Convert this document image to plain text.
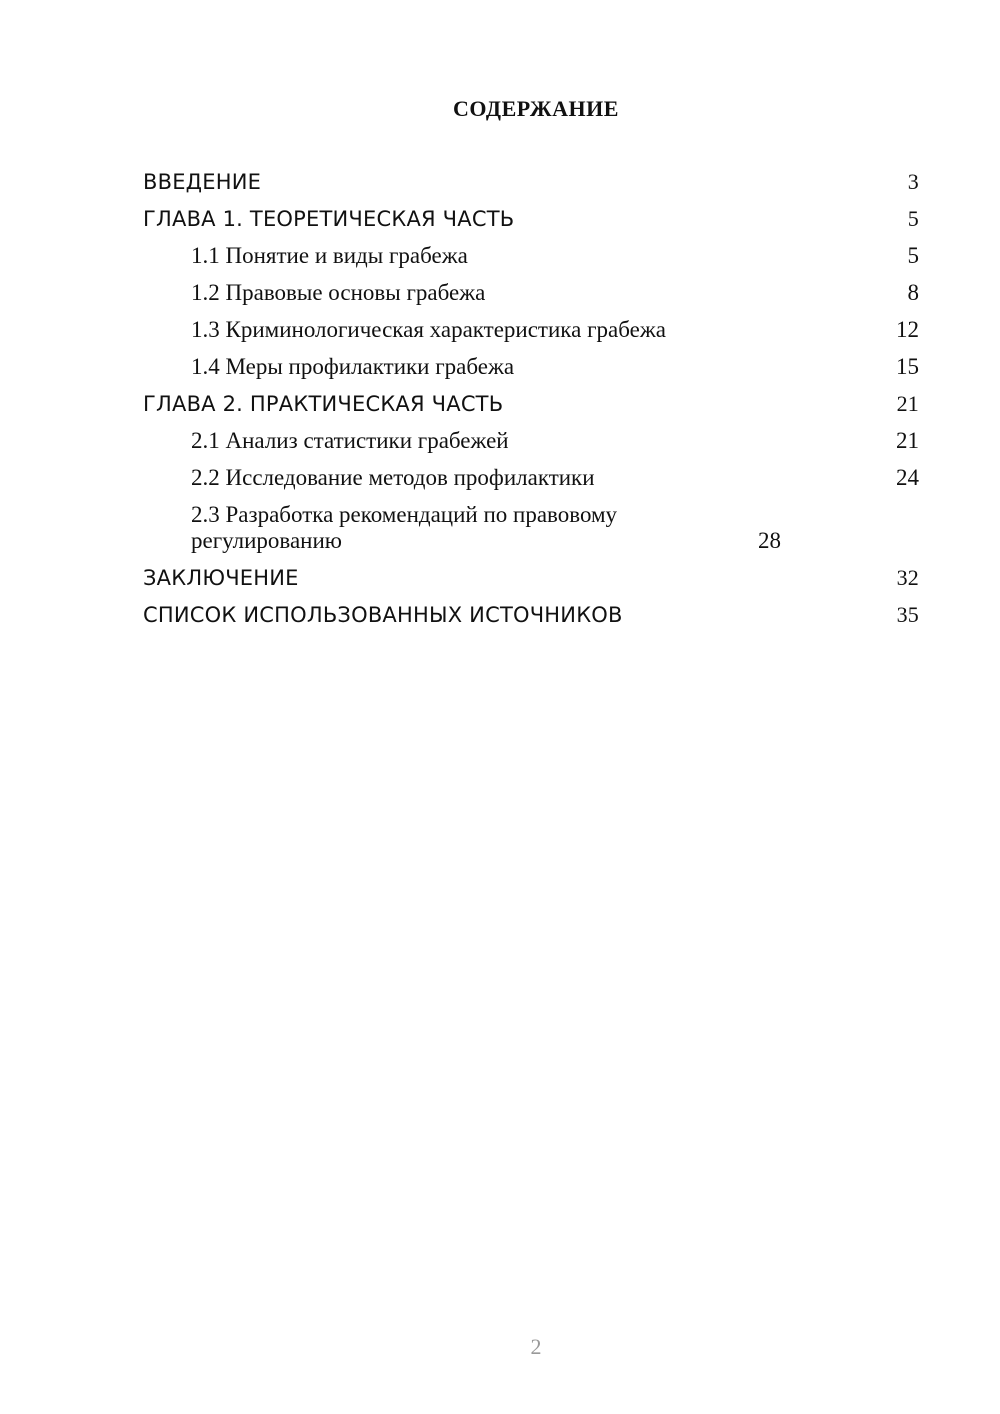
СОДЕРЖАНИЕ
ВВЕДЕНИЕ	3
ГЛАВА 1. ТЕОРЕТИЧЕСКАЯ ЧАСТЬ	5
1.1 Понятие и виды грабежа	5
1.2 Правовые основы грабежа	8
1.3 Криминологическая характеристика грабежа	12
1.4 Меры профилактики грабежа	15
ГЛАВА 2. ПРАКТИЧЕСКАЯ ЧАСТЬ	21
2.1 Анализ статистики грабежей	21
2.2 Исследование методов профилактики	24
2.3 Разработка рекомендаций по правовому регулированию	28
ЗАКЛЮЧЕНИЕ	32
СПИСОК ИСПОЛЬЗОВАННЫХ ИСТОЧНИКОВ	35
2
